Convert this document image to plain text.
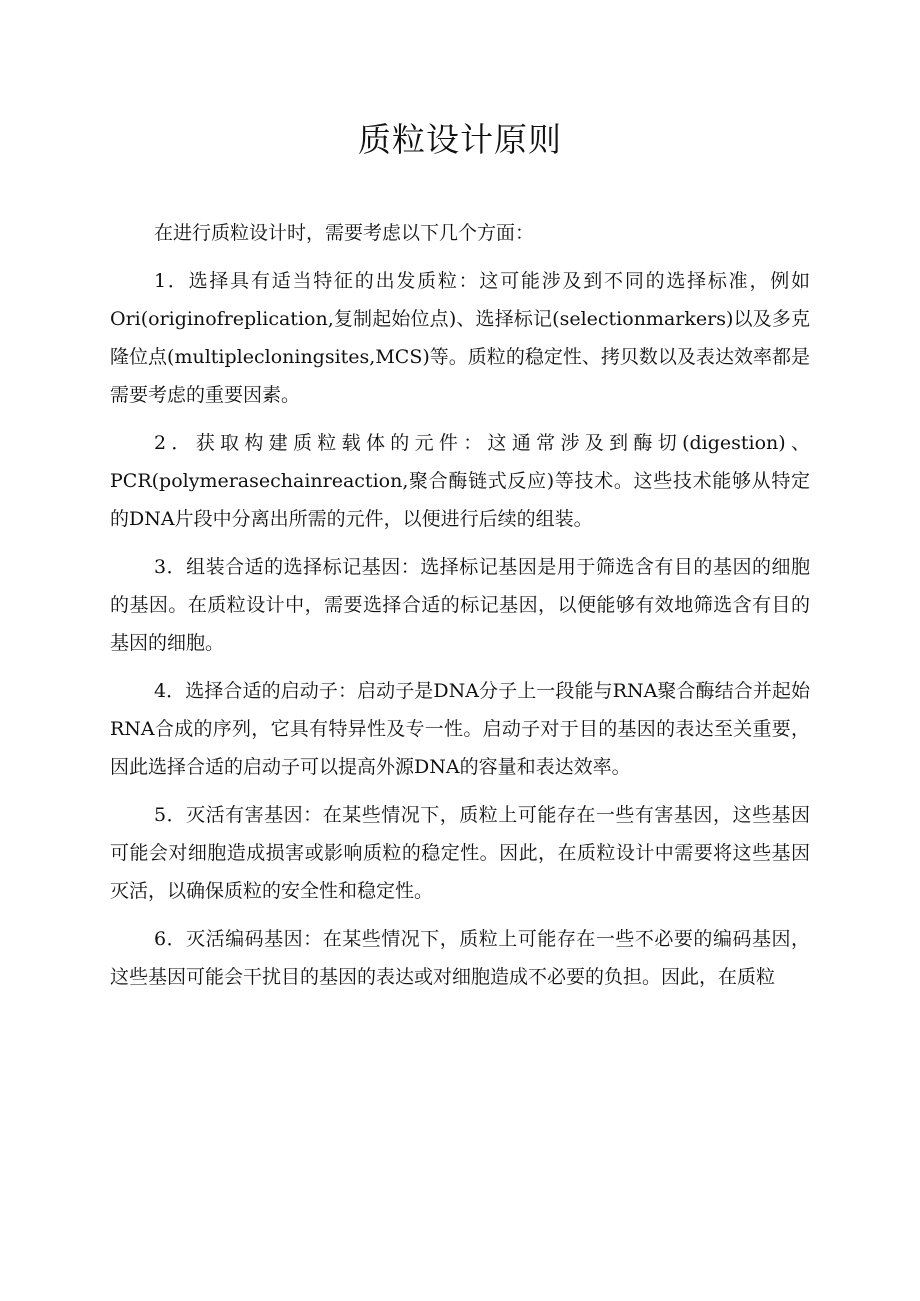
质粒设计原则

在进行质粒设计时，需要考虑以下几个方面：

1．选择具有适当特征的出发质粒：这可能涉及到不同的选择标准，例如Ori(originofreplication,复制起始位点)、选择标记(selectionmarkers)以及多克隆位点(multiplecloningsites,MCS)等。质粒的稳定性、拷贝数以及表达效率都是需要考虑的重要因素。

2．获取构建质粒载体的元件：这通常涉及到酶切(digestion)、PCR(polymerasechainreaction,聚合酶链式反应)等技术。这些技术能够从特定的DNA片段中分离出所需的元件，以便进行后续的组装。

3．组装合适的选择标记基因：选择标记基因是用于筛选含有目的基因的细胞的基因。在质粒设计中，需要选择合适的标记基因，以便能够有效地筛选含有目的基因的细胞。

4．选择合适的启动子：启动子是DNA分子上一段能与RNA聚合酶结合并起始RNA合成的序列，它具有特异性及专一性。启动子对于目的基因的表达至关重要，因此选择合适的启动子可以提高外源DNA的容量和表达效率。

5．灭活有害基因：在某些情况下，质粒上可能存在一些有害基因，这些基因可能会对细胞造成损害或影响质粒的稳定性。因此，在质粒设计中需要将这些基因灭活，以确保质粒的安全性和稳定性。

6．灭活编码基因：在某些情况下，质粒上可能存在一些不必要的编码基因，这些基因可能会干扰目的基因的表达或对细胞造成不必要的负担。因此，在质粒
